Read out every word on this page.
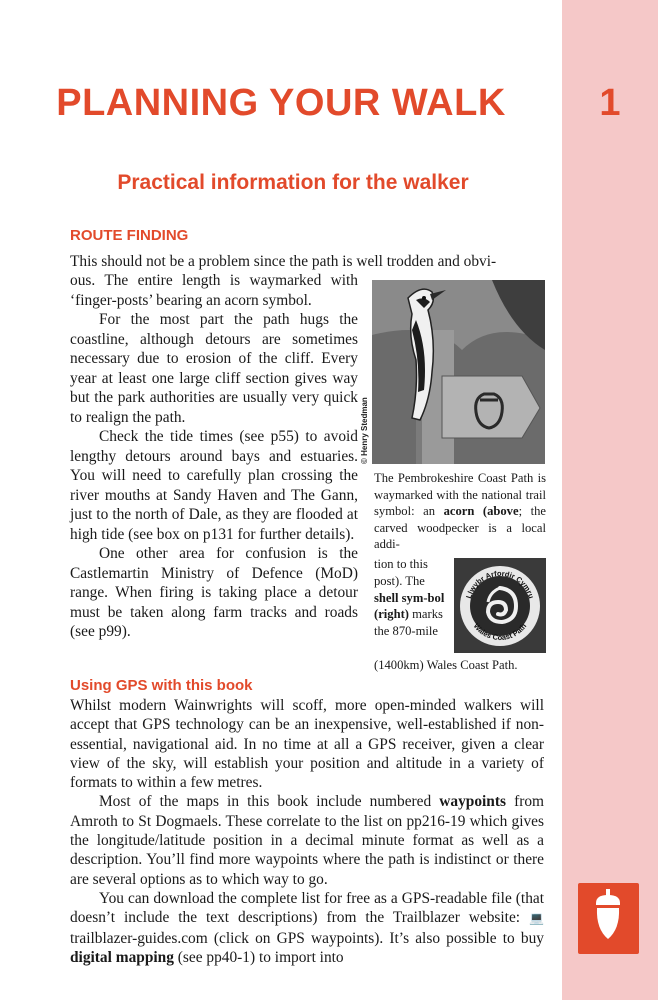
PLANNING YOUR WALK	1
Practical information for the walker
ROUTE FINDING

This should not be a problem since the path is well trodden and obvi-

ous. The entire length is waymarked with ‘finger-posts’ bearing an acorn symbol.

For the most part the path hugs the coastline, although detours are sometimes necessary due to erosion of the cliff. Every year at least one large cliff section gives way but the park authorities are usually very quick to realign the path.

Check the tide times (see p55) to avoid lengthy detours around bays and estuaries. You will need to carefully plan crossing the river mouths at Sandy Haven and The Gann, just to the north of Dale, as they are flooded at high tide (see box on p131 for further details).

One other area for confusion is the Castlemartin Ministry of Defence (MoD) range. When firing is taking place a detour must be taken along farm tracks and roads (see p99).

© Henry Stedman

The Pembrokeshire Coast Path is waymarked with the national trail symbol: an acorn (above; the carved woodpecker is a local addi-

tion to this post). The shell sym-bol (right) marks the 870-mile

(1400km) Wales Coast Path.

Llwybr Arfordir Cymru
Wales Coast Path
Using GPS with this book

Whilst modern Wainwrights will scoff, more open-minded walkers will accept that GPS technology can be an inexpensive, well-established if non-essential, navigational aid. In no time at all a GPS receiver, given a clear view of the sky, will establish your position and altitude in a variety of formats to within a few metres.

Most of the maps in this book include numbered waypoints from Amroth to St Dogmaels. These correlate to the list on pp216-19 which gives the longitude/latitude position in a decimal minute format as well as a description. You’ll find more waypoints where the path is indistinct or there are several options as to which way to go.

You can download the complete list for free as a GPS-readable file (that doesn’t include the text descriptions) from the Trailblazer website: 💻 trailblazer-guides.com (click on GPS waypoints). It’s also possible to buy digital mapping (see pp40-1) to import into
